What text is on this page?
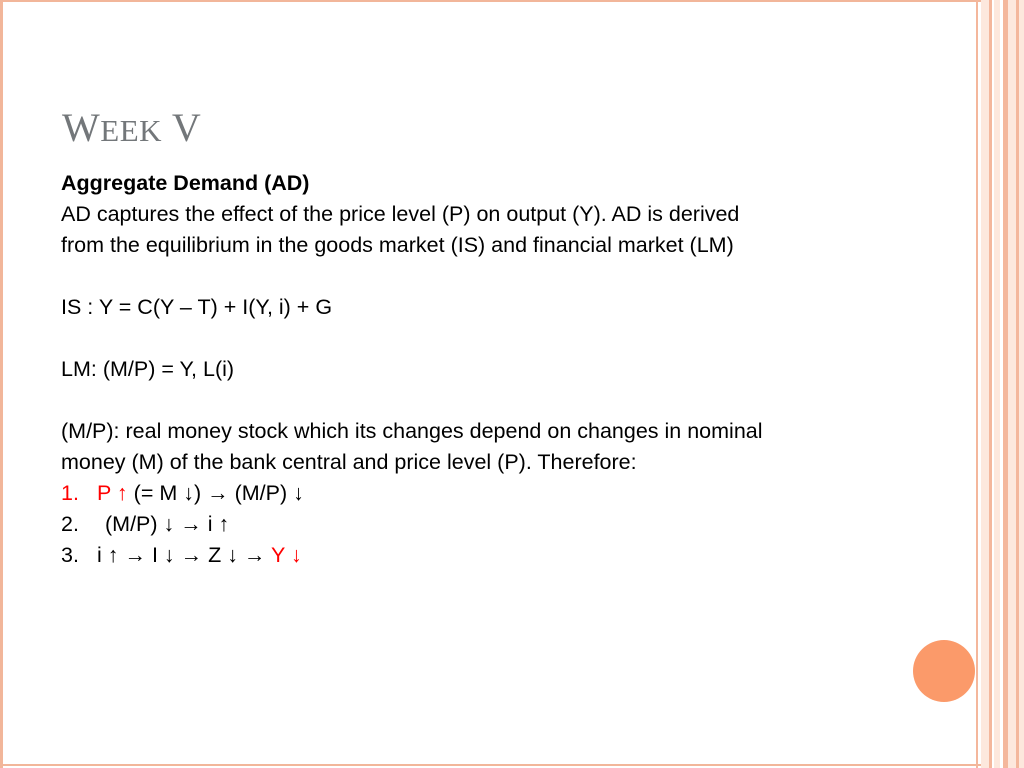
WEEK V

Aggregate Demand (AD)

AD captures the effect of the price level (P) on output (Y). AD is derived

from the equilibrium in the goods market (IS) and financial market (LM)

IS : Y = C(Y – T) + I(Y, i) + G

LM: (M/P) = Y, L(i)

(M/P): real money stock which its changes depend on changes in nominal

money (M) of the bank central and price level (P). Therefore:

1. P ↑ (= M ↓) → (M/P) ↓

2. (M/P) ↓ → i ↑

3. i ↑ → I ↓ → Z ↓ → Y ↓
